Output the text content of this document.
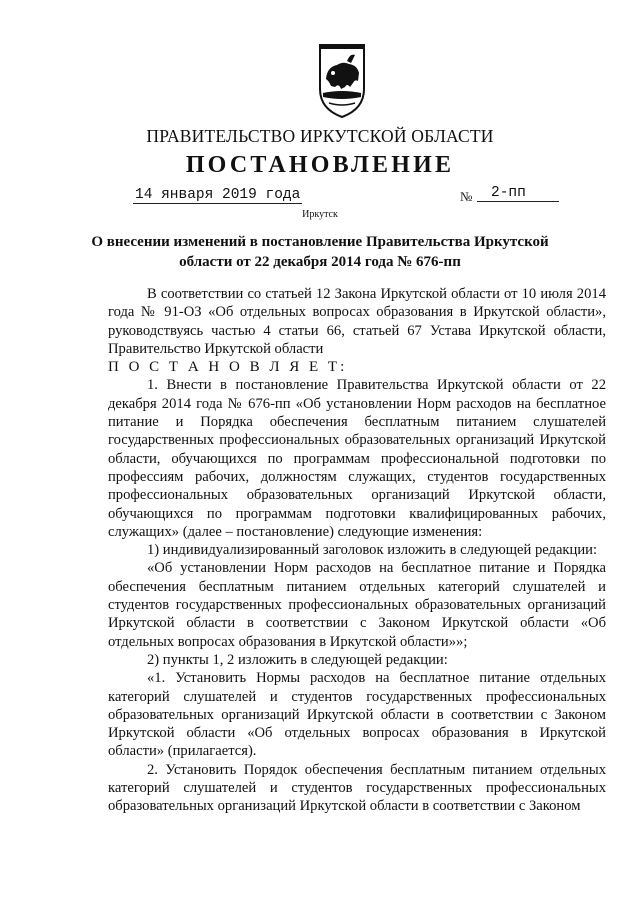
ПРАВИТЕЛЬСТВО ИРКУТСКОЙ ОБЛАСТИ
ПОСТАНОВЛЕНИЕ
14 января 2019 года	№	2-пп
Иркутск
О внесении изменений в постановление Правительства Иркутской области от 22 декабря 2014 года № 676-пп

В соответствии со статьей 12 Закона Иркутской области от 10 июля 2014 года № 91-ОЗ «Об отдельных вопросах образования в Иркутской области», руководствуясь частью 4 статьи 66, статьей 67 Устава Иркутской области, Правительство Иркутской области

П О С Т А Н О В Л Я Е Т:

1. Внести в постановление Правительства Иркутской области от 22 декабря 2014 года № 676-пп «Об установлении Норм расходов на бесплатное питание и Порядка обеспечения бесплатным питанием слушателей государственных профессиональных образовательных организаций Иркутской области, обучающихся по программам профессиональной подготовки по профессиям рабочих, должностям служащих, студентов государственных профессиональных образовательных организаций Иркутской области, обучающихся по программам подготовки квалифицированных рабочих, служащих» (далее – постановление) следующие изменения:

1) индивидуализированный заголовок изложить в следующей редакции:

«Об установлении Норм расходов на бесплатное питание и Порядка обеспечения бесплатным питанием отдельных категорий слушателей и студентов государственных профессиональных образовательных организаций Иркутской области в соответствии с Законом Иркутской области «Об отдельных вопросах образования в Иркутской области»»;

2) пункты 1, 2 изложить в следующей редакции:

«1. Установить Нормы расходов на бесплатное питание отдельных категорий слушателей и студентов государственных профессиональных образовательных организаций Иркутской области в соответствии с Законом Иркутской области «Об отдельных вопросах образования в Иркутской области» (прилагается).

2. Установить Порядок обеспечения бесплатным питанием отдельных категорий слушателей и студентов государственных профессиональных образовательных организаций Иркутской области в соответствии с Законом
